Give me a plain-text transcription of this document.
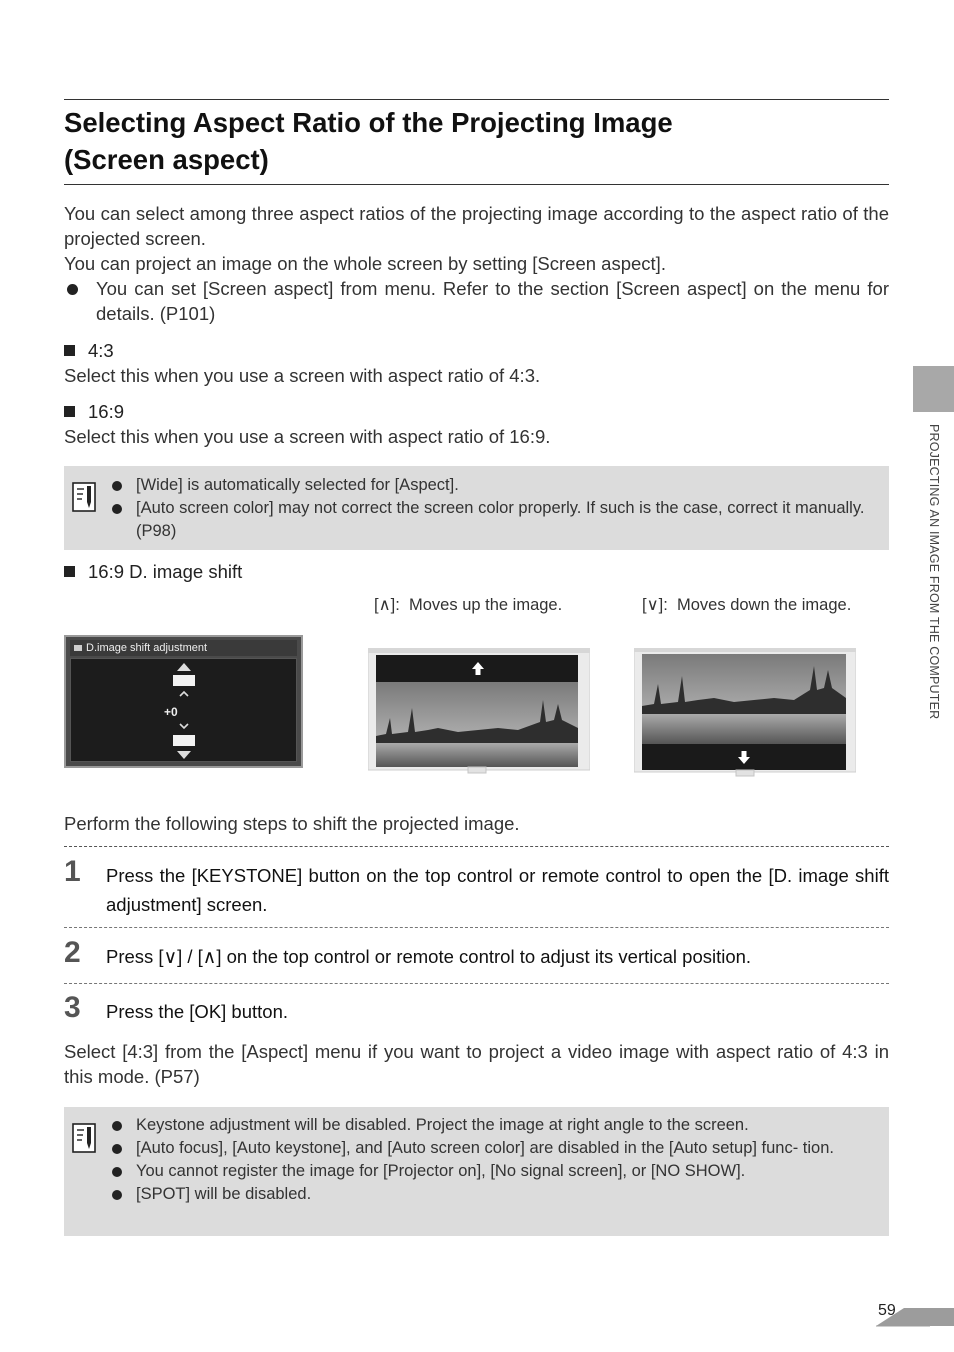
Selecting Aspect Ratio of the Projecting Image
(Screen aspect)
You can select among three aspect ratios of the projecting image according to the aspect ratio of the projected screen.
You can project an image on the whole screen by setting [Screen aspect].
You can set [Screen aspect] from menu. Refer to the section [Screen aspect] on the menu for details. (P101)
4:3
Select this when you use a screen with aspect ratio of 4:3.
16:9
Select this when you use a screen with aspect ratio of 16:9.
[Wide] is automatically selected for [Aspect].
[Auto screen color] may not correct the screen color properly. If such is the case, correct it manually. (P98)
16:9 D. image shift
[∧]: Moves up the image.	[∨]: Moves down the image.
D.image shift adjustment
+0
Perform the following steps to shift the projected image.
1 Press the [KEYSTONE] button on the top control or remote control to open the [D. image shift adjustment] screen.
2 Press [∨] / [∧] on the top control or remote control to adjust its vertical position.
3 Press the [OK] button.
Select [4:3] from the [Aspect] menu if you want to project a video image with aspect ratio of 4:3 in this mode. (P57)
Keystone adjustment will be disabled. Project the image at right angle to the screen.
[Auto focus], [Auto keystone], and [Auto screen color] are disabled in the [Auto setup] func- tion.
You cannot register the image for [Projector on], [No signal screen], or [NO SHOW].
[SPOT] will be disabled.
PROJECTING AN IMAGE FROM THE COMPUTER
59
